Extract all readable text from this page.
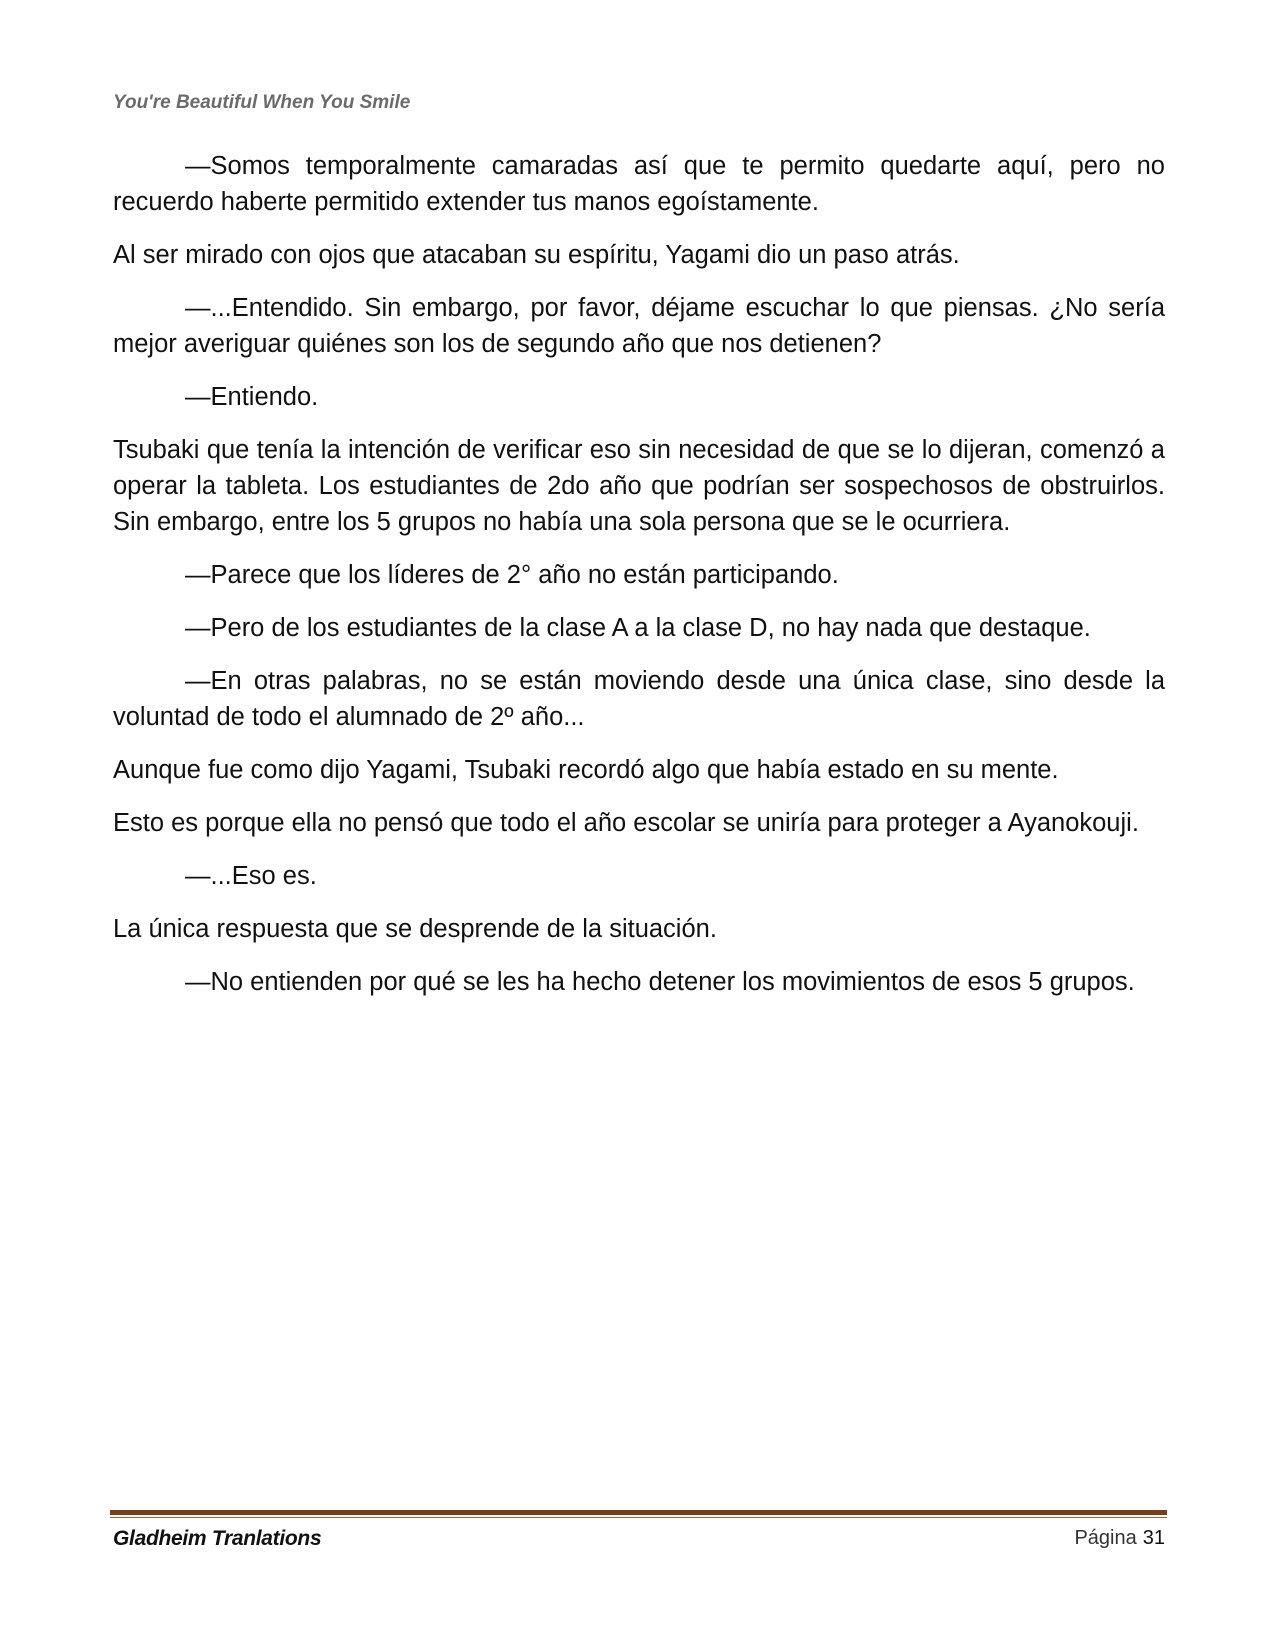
You're Beautiful When You Smile

—Somos temporalmente camaradas así que te permito quedarte aquí, pero no recuerdo haberte permitido extender tus manos egoístamente.

Al ser mirado con ojos que atacaban su espíritu, Yagami dio un paso atrás.

—...Entendido. Sin embargo, por favor, déjame escuchar lo que piensas. ¿No sería mejor averiguar quiénes son los de segundo año que nos detienen?

—Entiendo.

Tsubaki que tenía la intención de verificar eso sin necesidad de que se lo dijeran, comenzó a operar la tableta. Los estudiantes de 2do año que podrían ser sospechosos de obstruirlos. Sin embargo, entre los 5 grupos no había una sola persona que se le ocurriera.

—Parece que los líderes de 2° año no están participando.

—Pero de los estudiantes de la clase A a la clase D, no hay nada que destaque.

—En otras palabras, no se están moviendo desde una única clase, sino desde la voluntad de todo el alumnado de 2º año...

Aunque fue como dijo Yagami, Tsubaki recordó algo que había estado en su mente.

Esto es porque ella no pensó que todo el año escolar se uniría para proteger a Ayanokouji.

—...Eso es.

La única respuesta que se desprende de la situación.

—No entienden por qué se les ha hecho detener los movimientos de esos 5 grupos.

Gladheim Tranlations	Página 31
